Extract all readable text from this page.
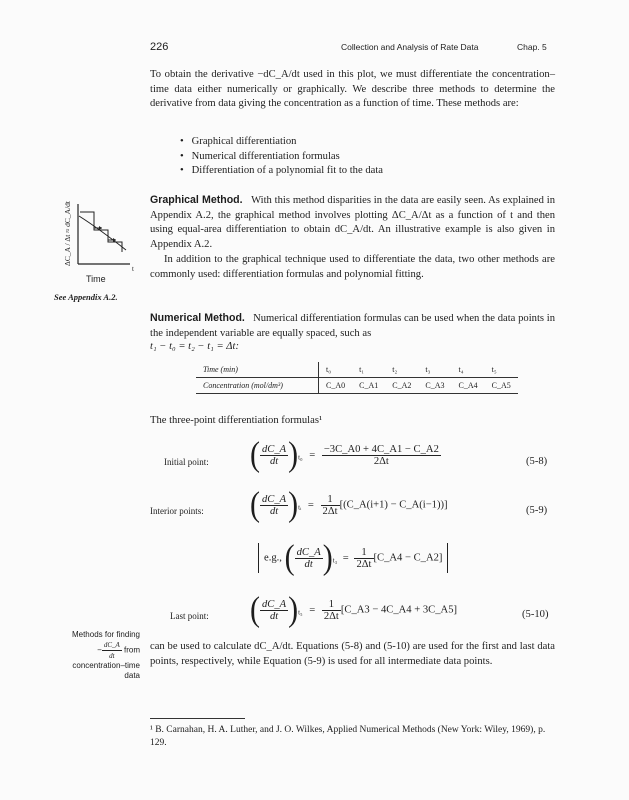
226	Collection and Analysis of Rate Data	Chap. 5
To obtain the derivative −dC_A/dt used in this plot, we must differentiate the concentration–time data either numerically or graphically. We describe three methods to determine the derivative from data giving the concentration as a function of time. These methods are:
•   Graphical differentiation
•   Numerical differentiation formulas
•   Differentiation of a polynomial fit to the data
t
Time
ΔC_A / Δt ≈ dC_A/dt
See Appendix A.2.
Graphical Method. With this method disparities in the data are easily seen. As explained in Appendix A.2, the graphical method involves plotting ΔC_A/Δt as a function of t and then using equal-area differentiation to obtain dC_A/dt. An illustrative example is also given in Appendix A.2.
In addition to the graphical technique used to differentiate the data, two other methods are commonly used: differentiation formulas and polynomial fitting.
Numerical Method. Numerical differentiation formulas can be used when the data points in the independent variable are equally spaced, such as
t₁ − t₀ = t₂ − t₁ = Δt:
Time (min)	t₀	t₁	t₂	t₃	t₄	t₅
Concentration (mol/dm³)	C_A0	C_A1	C_A2	C_A3	C_A4	C_A5
The three-point differentiation formulas¹
Initial point: ( $\frac{dC\_A}{dt} )_{t_0} = \frac{-3C\_A0 + 4C\_A1 - C\_A2}{2\Delta t}$	(5-8)
Interior points: ( $\frac{dC\_A}{dt} )_{tᵢ} = \frac{1}{2\Delta t}$ [(C_A(i+1) − C_A(i−1))]	(5-9)
e.g., ( $\frac{dC\_A}{dt} )_{t_3} = \frac{1}{2\Delta t}$ [C_A4 − C_A2]
Last point: ( $\frac{dC\_A}{dt} )_{t_5} = \frac{1}{2\Delta t}$ [C_A3 − 4C_A4 + 3C_A5]	(5-10)
Methods for finding
− $\frac{dC\_A}{dt}$ from
concentration–time
data
can be used to calculate dC_A/dt. Equations (5-8) and (5-10) are used for the first and last data points, respectively, while Equation (5-9) is used for all intermediate data points.
¹ B. Carnahan, H. A. Luther, and J. O. Wilkes, Applied Numerical Methods (New York: Wiley, 1969), p. 129.
